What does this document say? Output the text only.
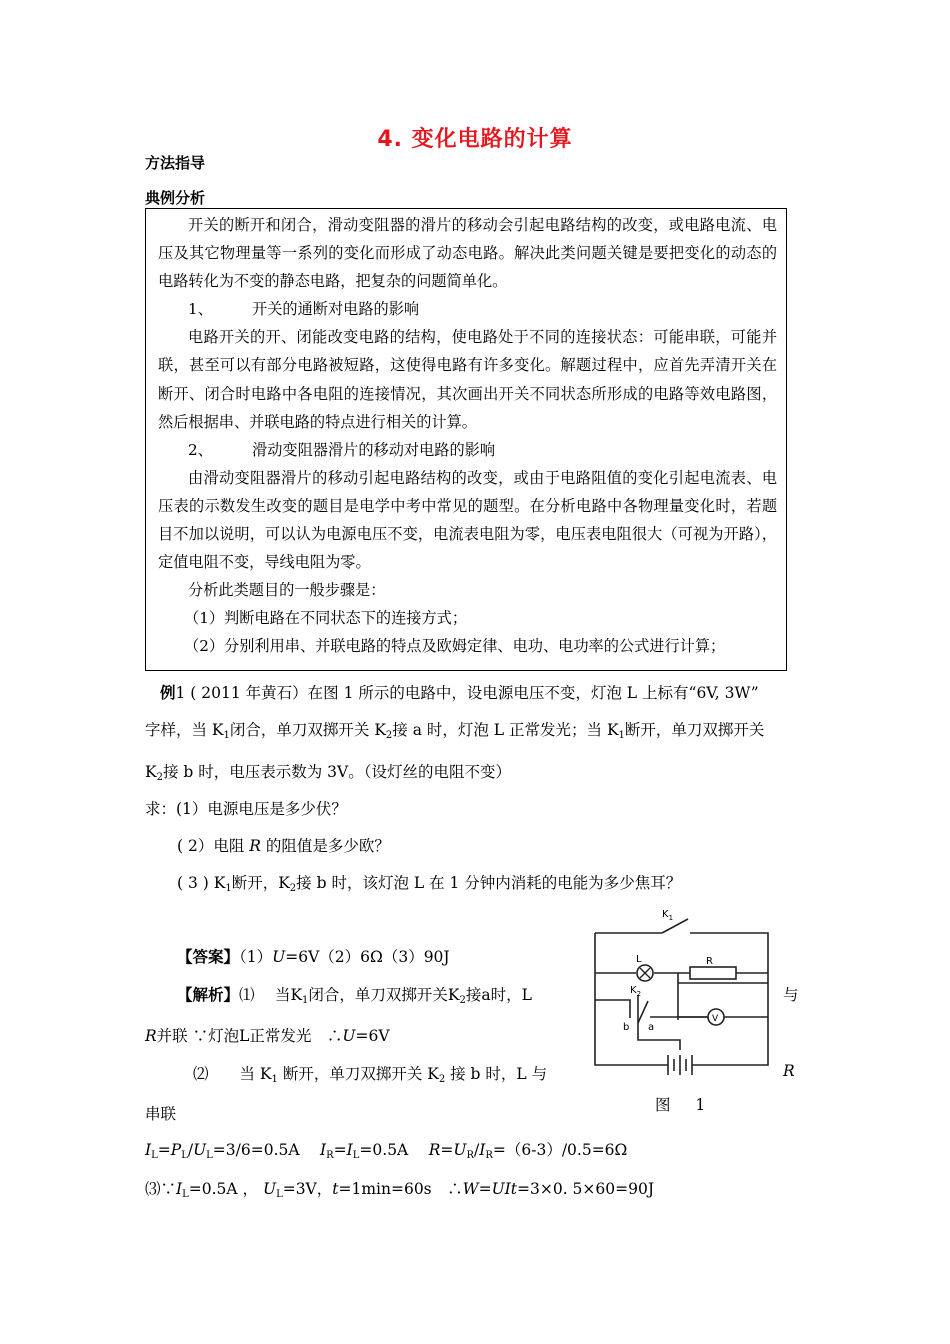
4. 变化电路的计算
方法指导
典例分析

开关的断开和闭合，滑动变阻器的滑片的移动会引起电路结构的改变，或电路电流、电压及其它物理量等一系列的变化而形成了动态电路。解决此类问题关键是要把变化的动态的电路转化为不变的静态电路，把复杂的问题简单化。

1、	开关的通断对电路的影响

电路开关的开、闭能改变电路的结构，使电路处于不同的连接状态：可能串联，可能并联，甚至可以有部分电路被短路，这使得电路有许多变化。解题过程中，应首先弄清开关在断开、闭合时电路中各电阻的连接情况，其次画出开关不同状态所形成的电路等效电路图，然后根据串、并联电路的特点进行相关的计算。

2、	滑动变阻器滑片的移动对电路的影响

由滑动变阻器滑片的移动引起电路结构的改变，或由于电路阻值的变化引起电流表、电压表的示数发生改变的题目是电学中考中常见的题型。在分析电路中各物理量变化时，若题目不加以说明，可以认为电源电压不变，电流表电阻为零，电压表电阻很大（可视为开路），定值电阻不变，导线电阻为零。

分析此类题目的一般步骤是：

（1）判断电路在不同状态下的连接方式；

（2）分别利用串、并联电路的特点及欧姆定律、电功、电功率的公式进行计算；

例1 ( 2011 年黄石）在图 1 所示的电路中，设电源电压不变，灯泡 L 上标有“6V, 3W”
字样，当 $K_1$闭合，单刀双掷开关 $K_2$接 a 时，灯泡 L 正常发光；当 $K_1$断开，单刀双掷开关
$K_2$接 b 时，电压表示数为 3V。（设灯丝的电阻不变）
求：(1）电源电压是多少伏？
( 2）电阻 R 的阻值是多少欧？
( 3 ) $K_1$断开，$K_2$接 b 时，该灯泡 L 在 1 分钟内消耗的电能为多少焦耳？
【答案】（1）U=6V（2）6Ω（3）90J
【解析】⑴　 当$K_1$闭合，单刀双掷开关$K_2$接a时，L	与
R并联 ∵灯泡L正常发光　∴U=6V
⑵　　当 $K_1$ 断开，单刀双掷开关 $K_2$ 接 b 时，L 与	R
串联
$I_L=P_L/U_L=3/6=0.5A$　 $I_R=I_L=0.5A$　 $R=U_R/I_R=(6-3)/0.5=6\Omega$
$⑶\because I_L=0.5A$ ， $U_L=3V$，t=1min=60s　∴W=UIt=3×0. 5×60=90J
$K_1$
L	R
$K_2$
b a
V
图 1
